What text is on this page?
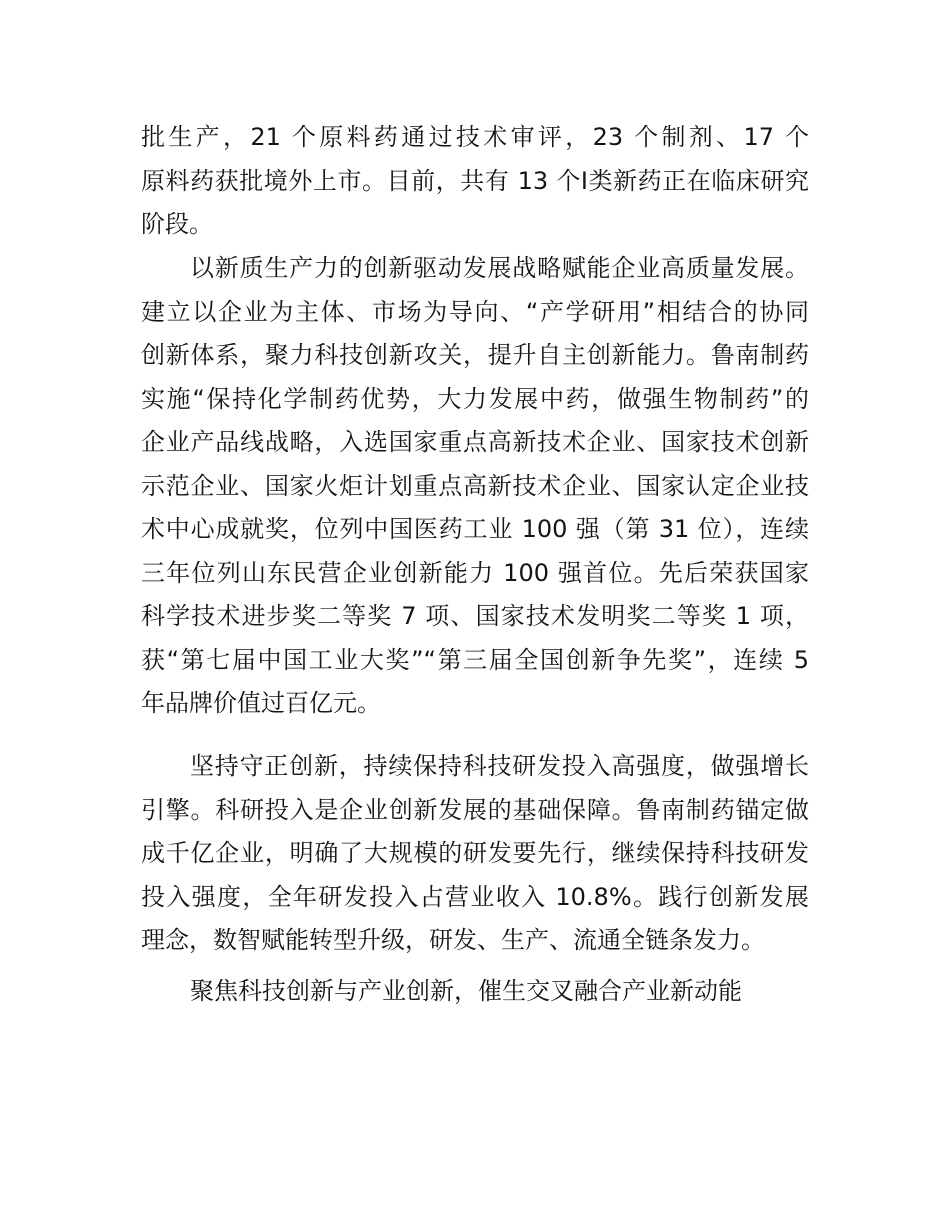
批生产，21 个原料药通过技术审评，23 个制剂、17 个
原料药获批境外上市。目前，共有 13 个Ⅰ类新药正在临床研究
阶段。

以新质生产力的创新驱动发展战略赋能企业高质量发展。
建立以企业为主体、市场为导向、“产学研用”相结合的协同
创新体系，聚力科技创新攻关，提升自主创新能力。鲁南制药
实施“保持化学制药优势，大力发展中药，做强生物制药”的
企业产品线战略，入选国家重点高新技术企业、国家技术创新
示范企业、国家火炬计划重点高新技术企业、国家认定企业技
术中心成就奖，位列中国医药工业 100 强（第 31 位），连续
三年位列山东民营企业创新能力 100 强首位。先后荣获国家
科学技术进步奖二等奖 7 项、国家技术发明奖二等奖 1 项，
获“第七届中国工业大奖”“第三届全国创新争先奖”，连续 5
年品牌价值过百亿元。

坚持守正创新，持续保持科技研发投入高强度，做强增长
引擎。科研投入是企业创新发展的基础保障。鲁南制药锚定做
成千亿企业，明确了大规模的研发要先行，继续保持科技研发
投入强度，全年研发投入占营业收入 10.8%。践行创新发展
理念，数智赋能转型升级，研发、生产、流通全链条发力。

聚焦科技创新与产业创新，催生交叉融合产业新动能
